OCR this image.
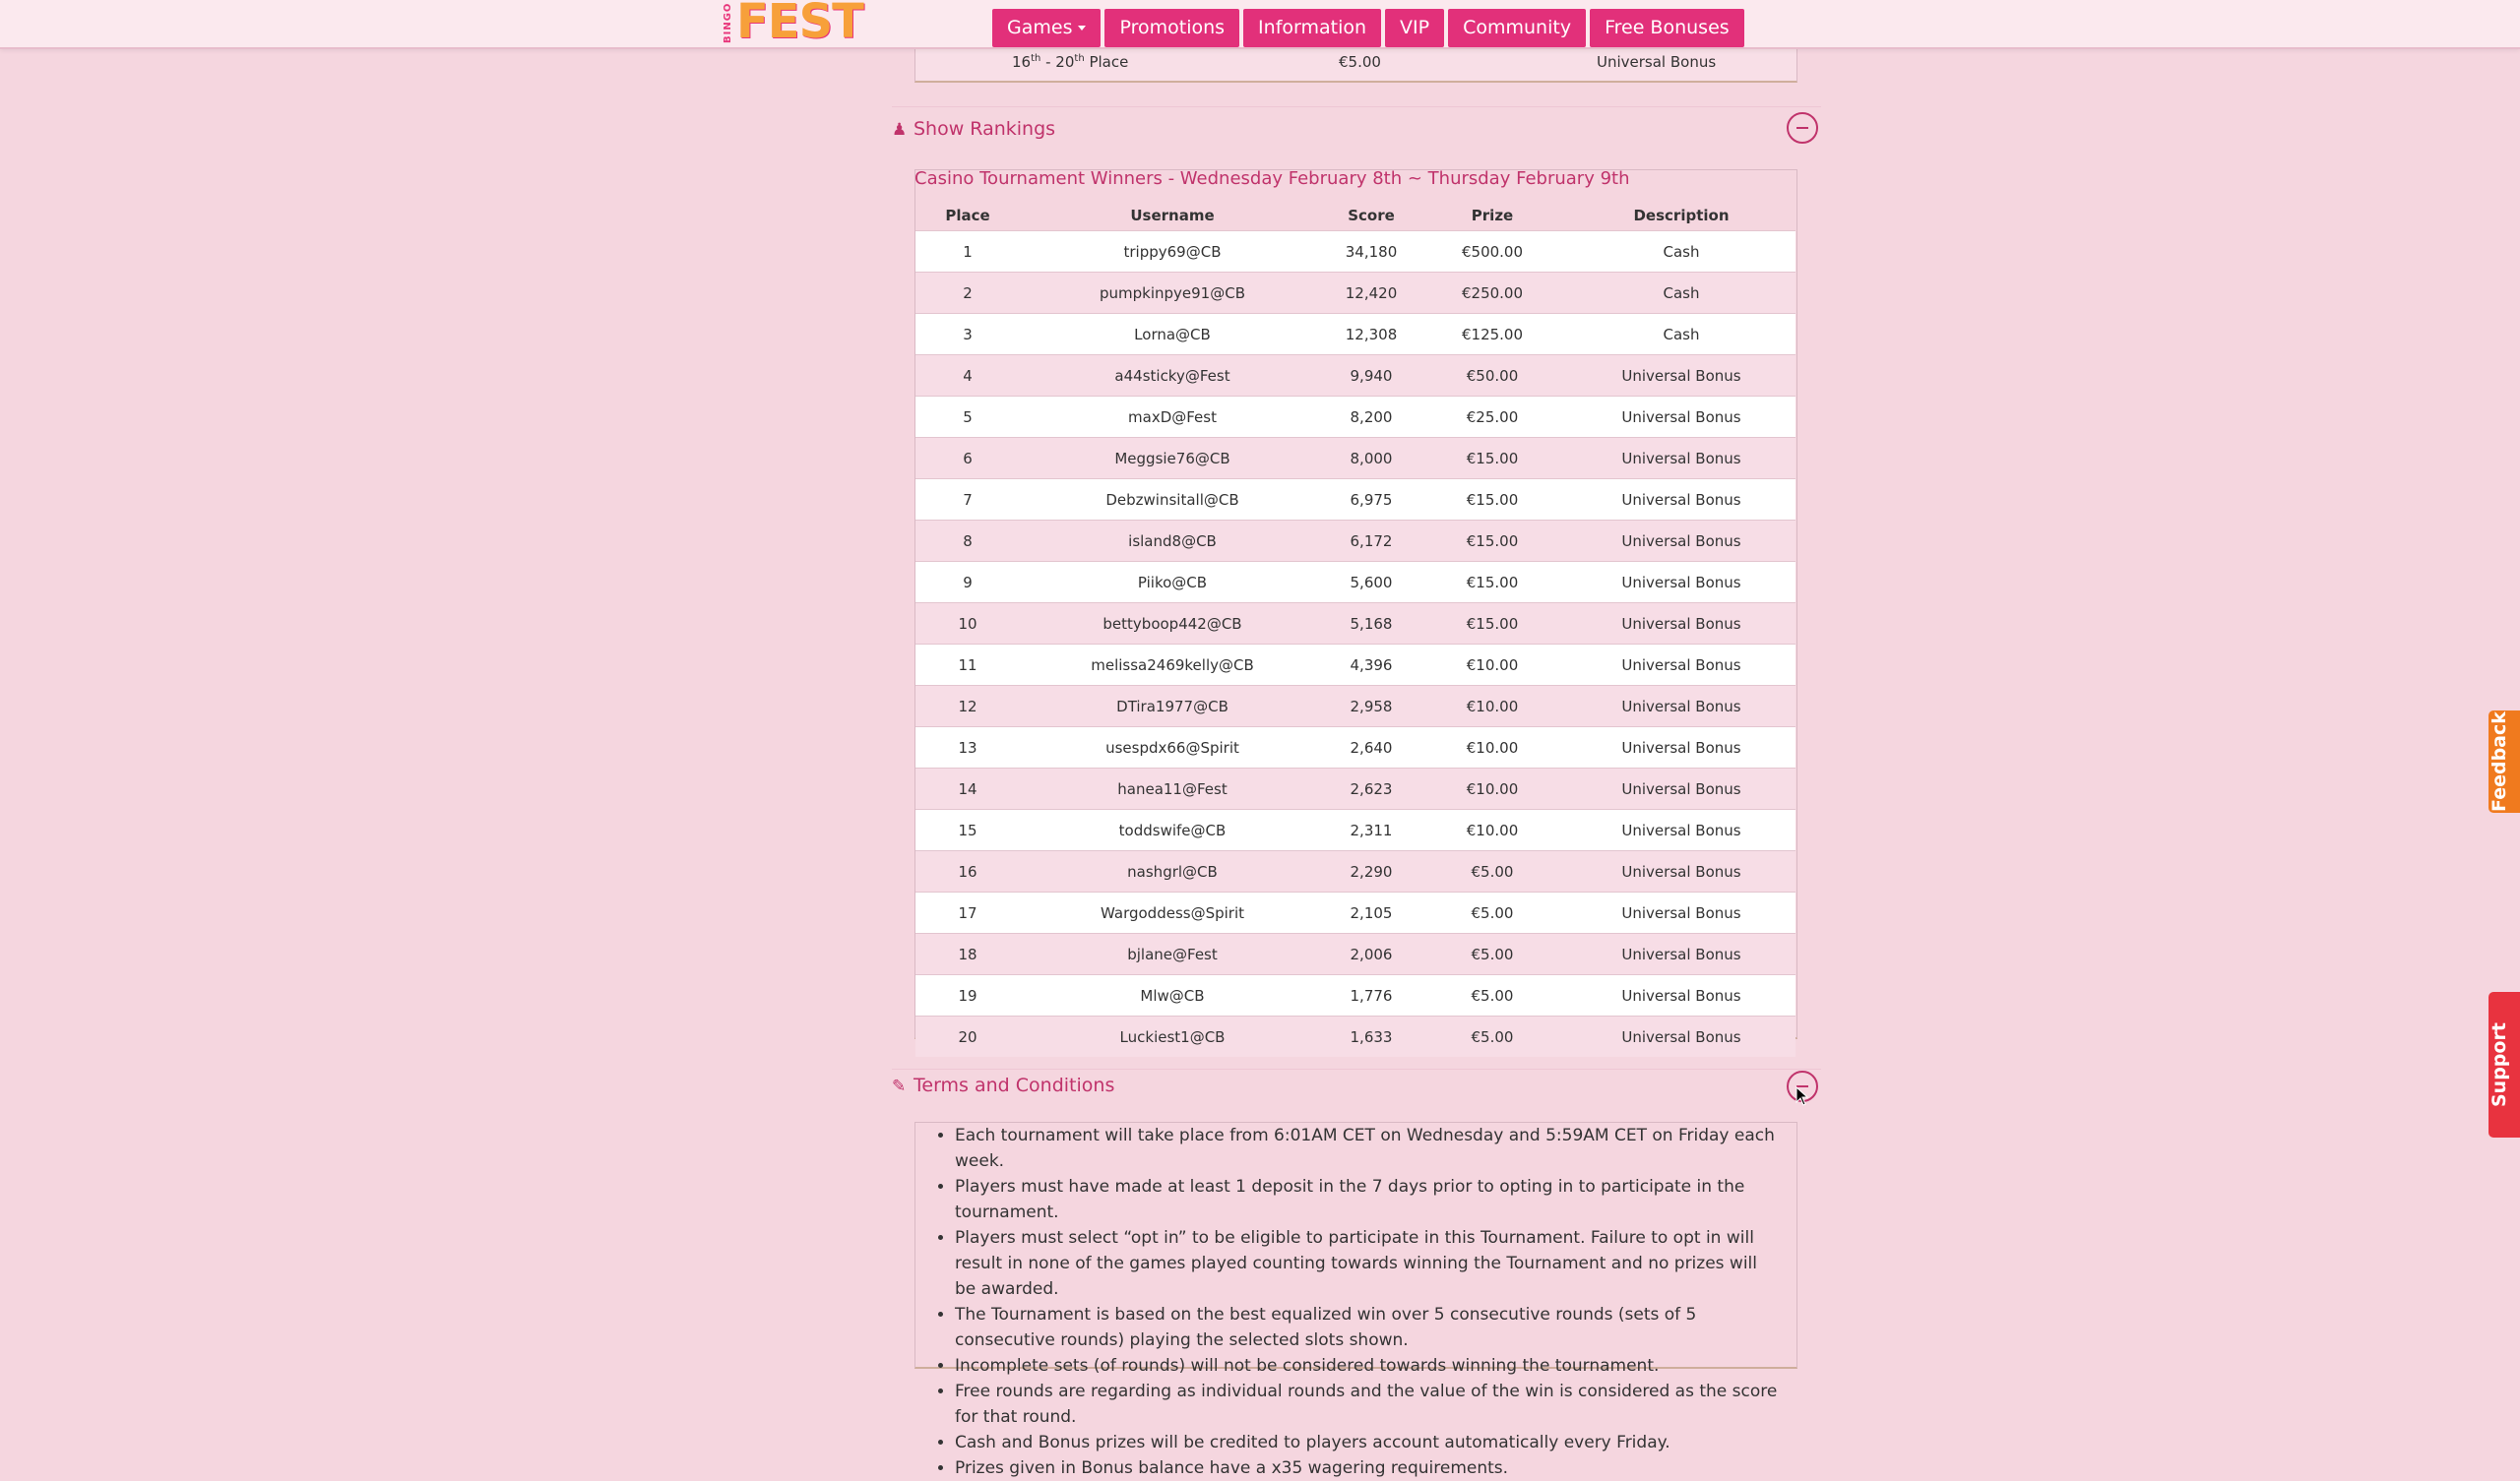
BINGO FEST	Games	Promotions	Information	VIP	Community	Free Bonuses
16th - 20th Place	€5.00	Universal Bonus
♟ Show Rankings
Casino Tournament Winners - Wednesday February 8th ~ Thursday February 9th
Place	Username	Score	Prize	Description
1	trippy69@CB	34,180	€500.00	Cash
2	pumpkinpye91@CB	12,420	€250.00	Cash
3	Lorna@CB	12,308	€125.00	Cash
4	a44sticky@Fest	9,940	€50.00	Universal Bonus
5	maxD@Fest	8,200	€25.00	Universal Bonus
6	Meggsie76@CB	8,000	€15.00	Universal Bonus
7	Debzwinsitall@CB	6,975	€15.00	Universal Bonus
8	island8@CB	6,172	€15.00	Universal Bonus
9	Piiko@CB	5,600	€15.00	Universal Bonus
10	bettyboop442@CB	5,168	€15.00	Universal Bonus
11	melissa2469kelly@CB	4,396	€10.00	Universal Bonus
12	DTira1977@CB	2,958	€10.00	Universal Bonus
13	usespdx66@Spirit	2,640	€10.00	Universal Bonus
14	hanea11@Fest	2,623	€10.00	Universal Bonus
15	toddswife@CB	2,311	€10.00	Universal Bonus
16	nashgrl@CB	2,290	€5.00	Universal Bonus
17	Wargoddess@Spirit	2,105	€5.00	Universal Bonus
18	bjlane@Fest	2,006	€5.00	Universal Bonus
19	Mlw@CB	1,776	€5.00	Universal Bonus
20	Luckiest1@CB	1,633	€5.00	Universal Bonus
✎ Terms and Conditions
• Each tournament will take place from 6:01AM CET on Wednesday and 5:59AM CET on Friday each week.
• Players must have made at least 1 deposit in the 7 days prior to opting in to participate in the tournament.
• Players must select “opt in” to be eligible to participate in this Tournament. Failure to opt in will result in none of the games played counting towards winning the Tournament and no prizes will be awarded.
• The Tournament is based on the best equalized win over 5 consecutive rounds (sets of 5 consecutive rounds) playing the selected slots shown.
• Incomplete sets (of rounds) will not be considered towards winning the tournament.
• Free rounds are regarding as individual rounds and the value of the win is considered as the score for that round.
• Cash and Bonus prizes will be credited to players account automatically every Friday.
• Prizes given in Bonus balance have a x35 wagering requirements.
Feedback
Support
